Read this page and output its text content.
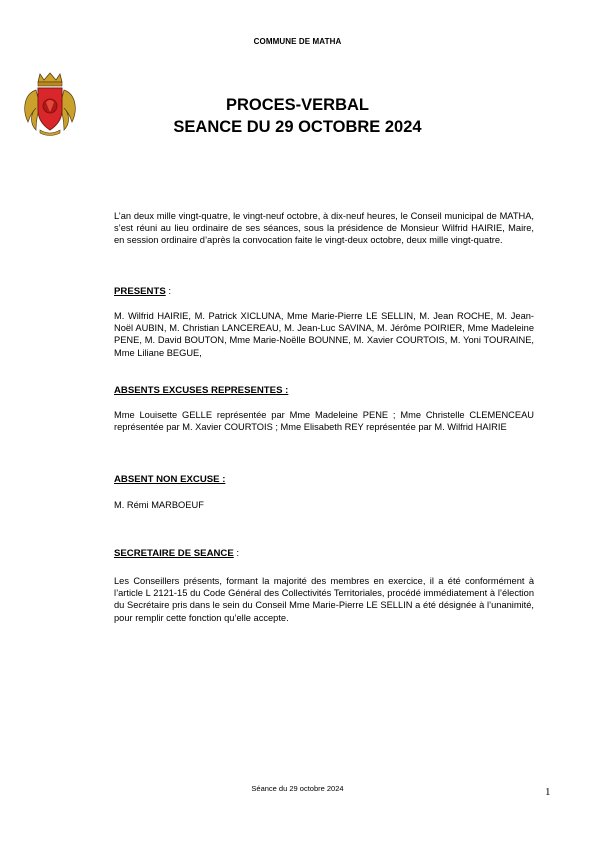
COMMUNE DE MATHA
PROCES-VERBAL
SEANCE DU 29 OCTOBRE 2024
L’an deux mille vingt-quatre, le vingt-neuf octobre, à dix-neuf heures, le Conseil municipal de MATHA, s’est réuni au lieu ordinaire de ses séances, sous la présidence de Monsieur Wilfrid HAIRIE, Maire, en session ordinaire d’après la convocation faite le vingt-deux octobre, deux mille vingt-quatre.
PRESENTS :
M. Wilfrid HAIRIE, M. Patrick XICLUNA, Mme Marie-Pierre LE SELLIN, M. Jean ROCHE, M. Jean-Noël AUBIN, M. Christian LANCEREAU, M. Jean-Luc SAVINA, M. Jérôme POIRIER, Mme Madeleine PENE, M. David BOUTON, Mme Marie-Noëlle BOUNNE, M. Xavier COURTOIS, M. Yoni TOURAINE, Mme Liliane BEGUE,
ABSENTS EXCUSES REPRESENTES :
Mme Louisette GELLE représentée par Mme Madeleine PENE ; Mme Christelle CLEMENCEAU représentée par M. Xavier COURTOIS ; Mme Elisabeth REY représentée par M. Wilfrid HAIRIE
ABSENT NON EXCUSE :
M. Rémi MARBOEUF
SECRETAIRE DE SEANCE :
Les Conseillers présents, formant la majorité des membres en exercice, il a été conformément à l’article L 2121-15 du Code Général des Collectivités Territoriales, procédé immédiatement à l’élection du Secrétaire pris dans le sein du Conseil Mme Marie-Pierre LE SELLIN a été désignée à l’unanimité, pour remplir cette fonction qu’elle accepte.
Séance du 29 octobre 2024	1
